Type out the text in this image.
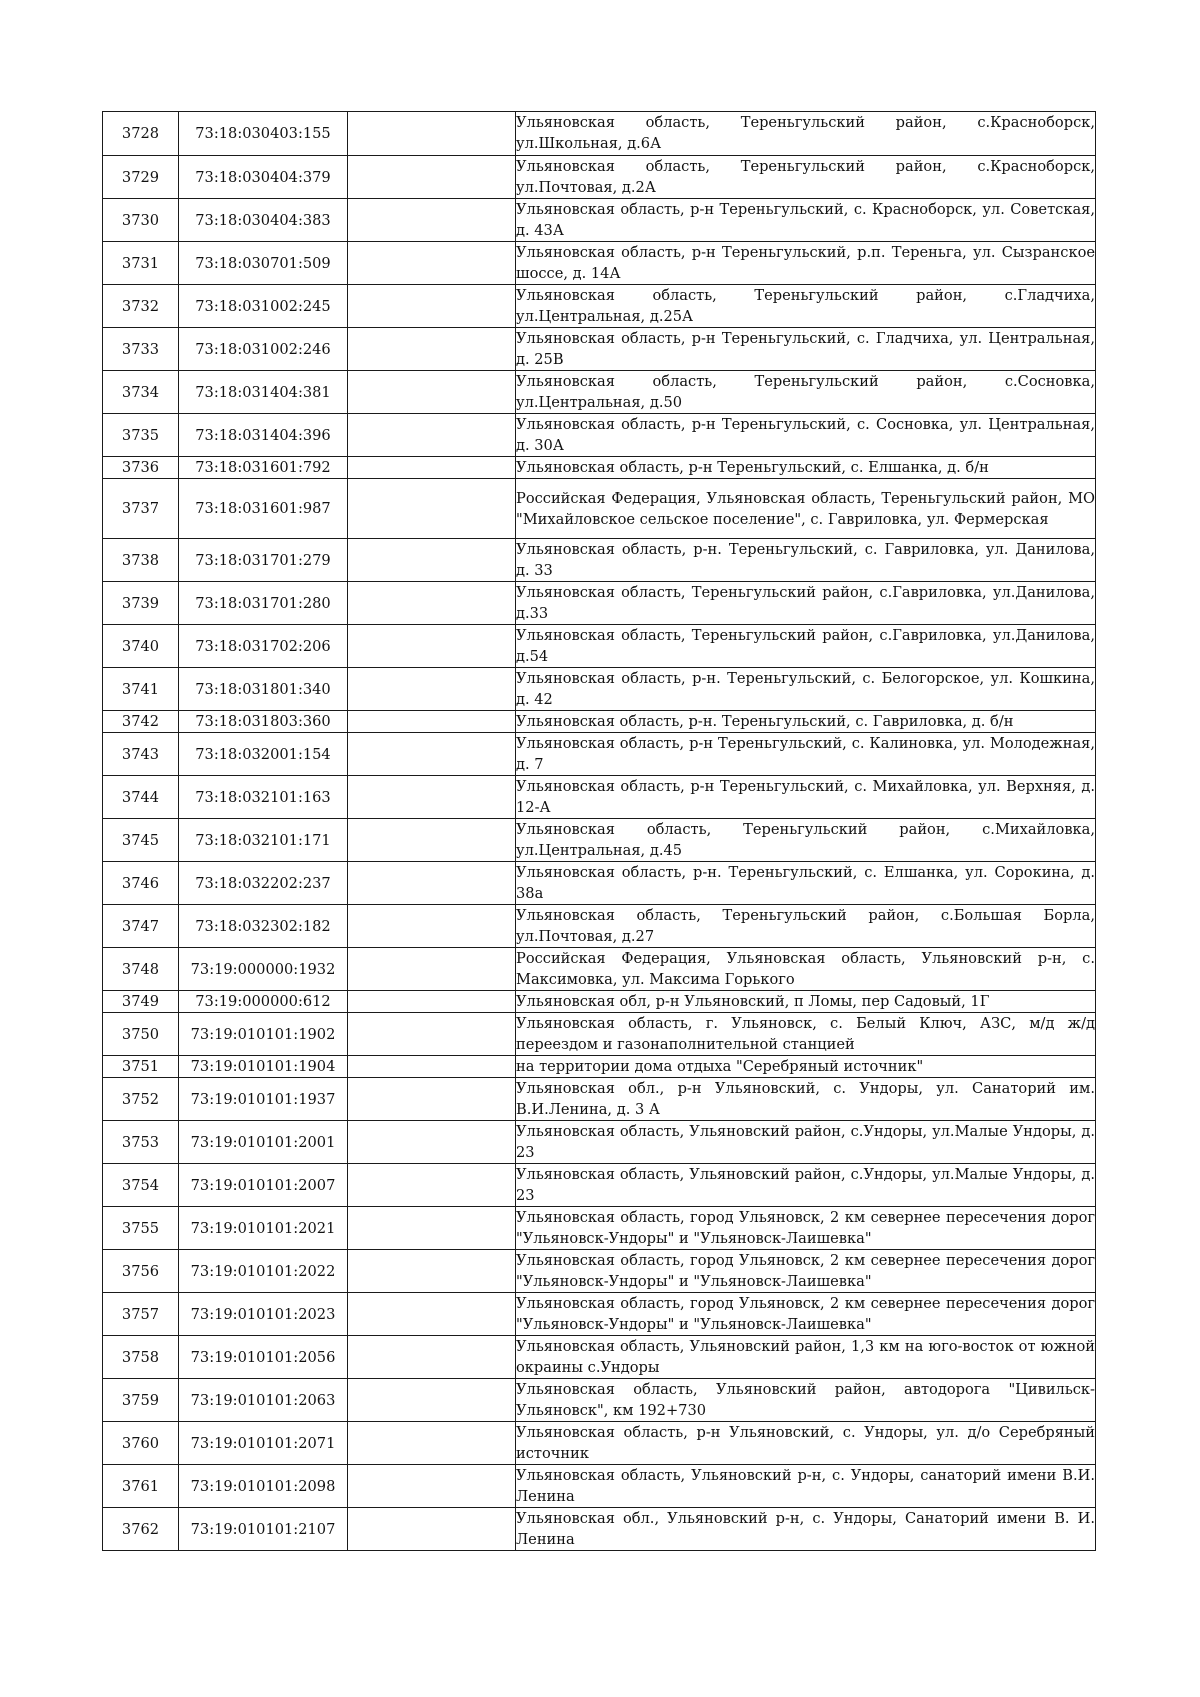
3728	73:18:030403:155		Ульяновская область, Тереньгульский район, с.Красноборск, ул.Школьная, д.6А
3729	73:18:030404:379		Ульяновская область, Тереньгульский район, с.Красноборск, ул.Почтовая, д.2А
3730	73:18:030404:383		Ульяновская область, р-н Тереньгульский, с. Красноборск, ул. Советская, д. 43А
3731	73:18:030701:509		Ульяновская область, р-н Тереньгульский, р.п. Тереньга, ул. Сызранское шоссе, д. 14А
3732	73:18:031002:245		Ульяновская область, Тереньгульский район, с.Гладчиха, ул.Центральная, д.25А
3733	73:18:031002:246		Ульяновская область, р-н Тереньгульский, с. Гладчиха, ул. Центральная, д. 25В
3734	73:18:031404:381		Ульяновская область, Тереньгульский район, с.Сосновка, ул.Центральная, д.50
3735	73:18:031404:396		Ульяновская область, р-н Тереньгульский, с. Сосновка, ул. Центральная, д. 30А
3736	73:18:031601:792		Ульяновская область, р-н Тереньгульский, с. Елшанка, д. б/н
3737	73:18:031601:987		Российская Федерация, Ульяновская область, Тереньгульский район, МО "Михайловское сельское поселение", с. Гавриловка, ул. Фермерская
3738	73:18:031701:279		Ульяновская область, р-н. Тереньгульский, с. Гавриловка, ул. Данилова, д. 33
3739	73:18:031701:280		Ульяновская область, Тереньгульский район, с.Гавриловка, ул.Данилова, д.33
3740	73:18:031702:206		Ульяновская область, Тереньгульский район, с.Гавриловка, ул.Данилова, д.54
3741	73:18:031801:340		Ульяновская область, р-н. Тереньгульский, с. Белогорское, ул. Кошкина, д. 42
3742	73:18:031803:360		Ульяновская область, р-н. Тереньгульский, с. Гавриловка, д. б/н
3743	73:18:032001:154		Ульяновская область, р-н Тереньгульский, с. Калиновка, ул. Молодежная, д. 7
3744	73:18:032101:163		Ульяновская область, р-н Тереньгульский, с. Михайловка, ул. Верхняя, д. 12-А
3745	73:18:032101:171		Ульяновская область, Тереньгульский район, с.Михайловка, ул.Центральная, д.45
3746	73:18:032202:237		Ульяновская область, р-н. Тереньгульский, с. Елшанка, ул. Сорокина, д. 38а
3747	73:18:032302:182		Ульяновская область, Тереньгульский район, с.Большая Борла, ул.Почтовая, д.27
3748	73:19:000000:1932		Российская Федерация, Ульяновская область, Ульяновский р-н, с. Максимовка, ул. Максима Горького
3749	73:19:000000:612		Ульяновская обл, р-н Ульяновский, п Ломы, пер Садовый, 1Г
3750	73:19:010101:1902		Ульяновская область, г. Ульяновск, с. Белый Ключ, АЗС, м/д ж/д переездом и газонаполнительной станцией
3751	73:19:010101:1904		на территории дома отдыха "Серебряный источник"
3752	73:19:010101:1937		Ульяновская обл., р-н Ульяновский, с. Ундоры, ул. Санаторий им. В.И.Ленина, д. 3 А
3753	73:19:010101:2001		Ульяновская область, Ульяновский район, с.Ундоры, ул.Малые Ундоры, д. 23
3754	73:19:010101:2007		Ульяновская область, Ульяновский район, с.Ундоры, ул.Малые Ундоры, д. 23
3755	73:19:010101:2021		Ульяновская область, город Ульяновск, 2 км севернее пересечения дорог "Ульяновск-Ундоры" и "Ульяновск-Лаишевка"
3756	73:19:010101:2022		Ульяновская область, город Ульяновск, 2 км севернее пересечения дорог "Ульяновск-Ундоры" и "Ульяновск-Лаишевка"
3757	73:19:010101:2023		Ульяновская область, город Ульяновск, 2 км севернее пересечения дорог "Ульяновск-Ундоры" и "Ульяновск-Лаишевка"
3758	73:19:010101:2056		Ульяновская область, Ульяновский район, 1,3 км на юго-восток от южной окраины с.Ундоры
3759	73:19:010101:2063		Ульяновская область, Ульяновский район, автодорога "Цивильск-Ульяновск", км 192+730
3760	73:19:010101:2071		Ульяновская область, р-н Ульяновский, с. Ундоры, ул. д/о Серебряный источник
3761	73:19:010101:2098		Ульяновская область, Ульяновский р-н, с. Ундоры, санаторий имени В.И. Ленина
3762	73:19:010101:2107		Ульяновская обл., Ульяновский р-н, с. Ундоры, Санаторий имени В. И. Ленина
